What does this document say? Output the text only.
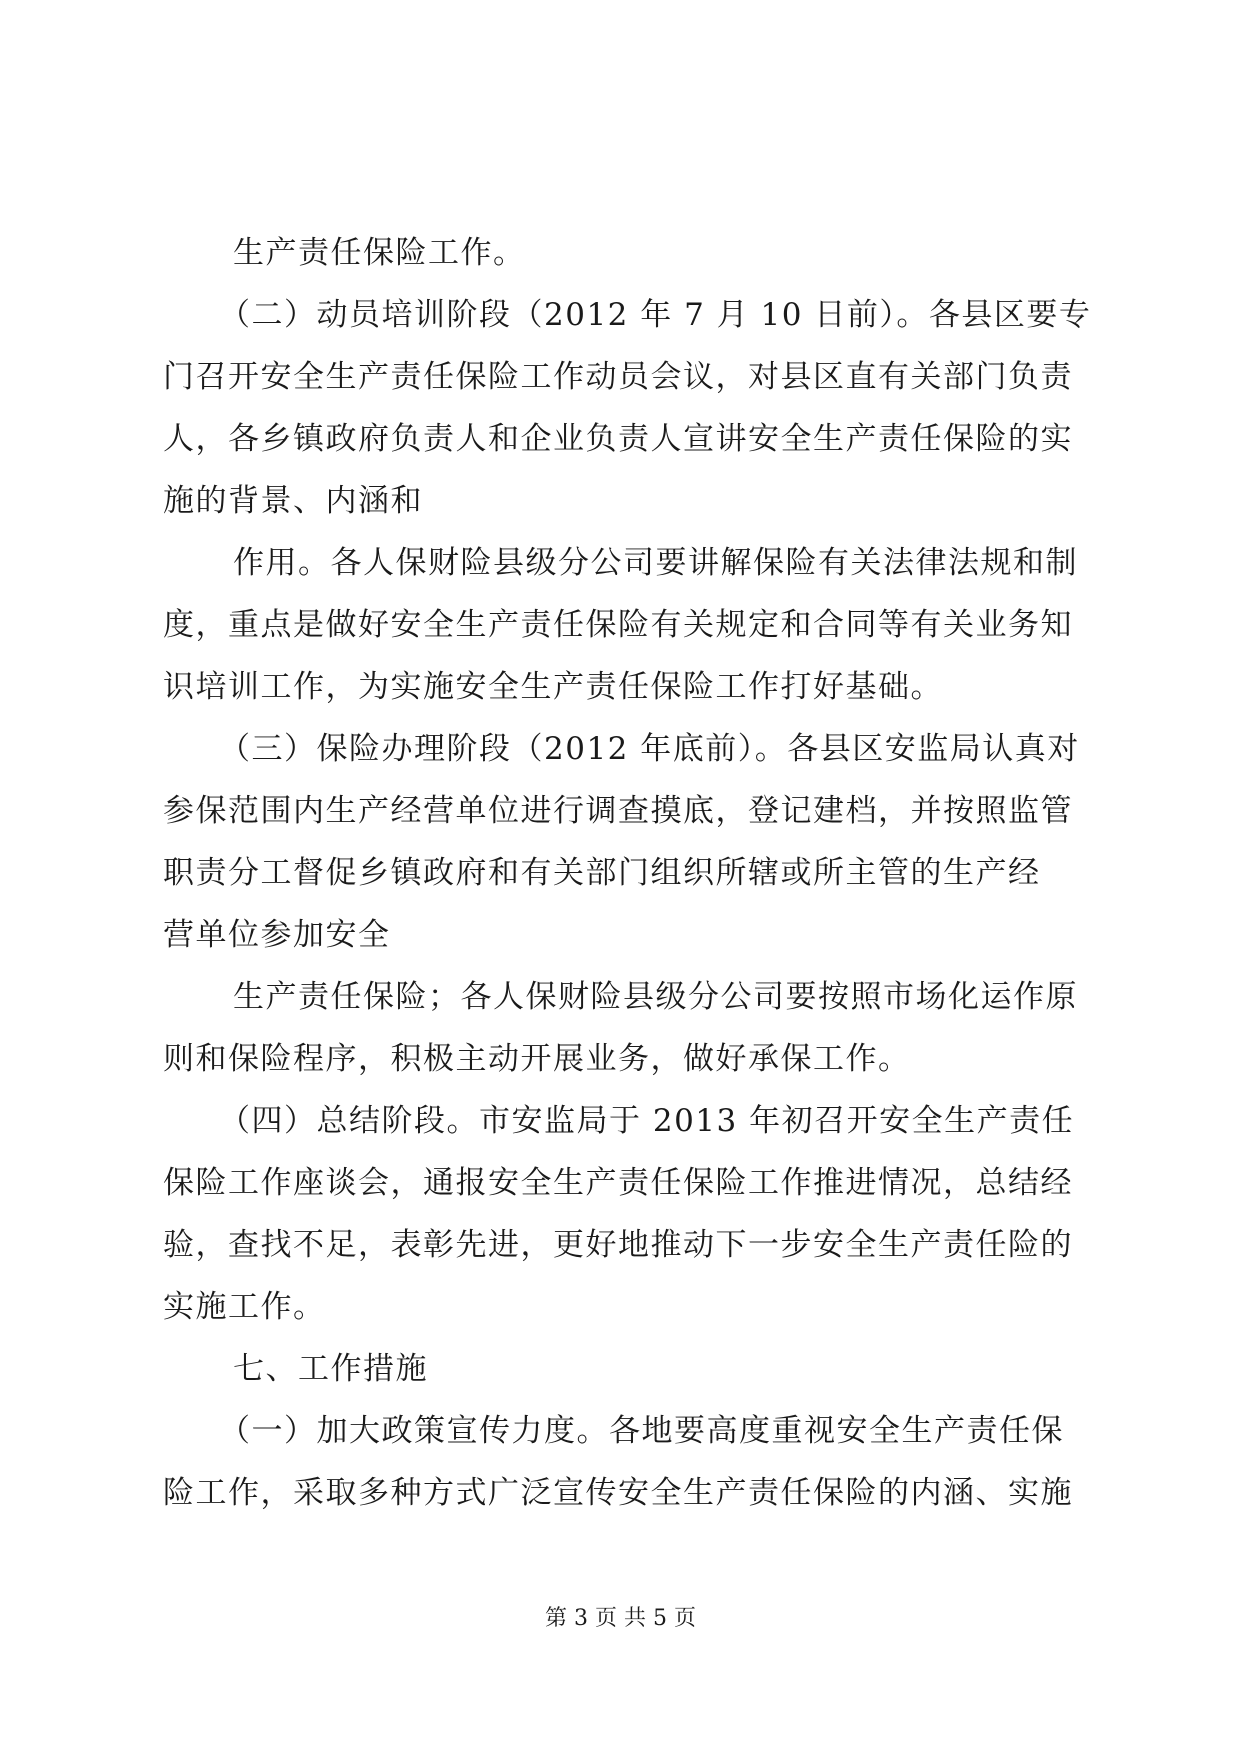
生产责任保险工作。
（二）动员培训阶段（2012 年 7 月 10 日前）。各县区要专
门召开安全生产责任保险工作动员会议，对县区直有关部门负责
人，各乡镇政府负责人和企业负责人宣讲安全生产责任保险的实
施的背景、内涵和
作用。各人保财险县级分公司要讲解保险有关法律法规和制
度，重点是做好安全生产责任保险有关规定和合同等有关业务知
识培训工作，为实施安全生产责任保险工作打好基础。
（三）保险办理阶段（2012 年底前）。各县区安监局认真对
参保范围内生产经营单位进行调查摸底，登记建档，并按照监管
职责分工督促乡镇政府和有关部门组织所辖或所主管的生产经
营单位参加安全
生产责任保险；各人保财险县级分公司要按照市场化运作原
则和保险程序，积极主动开展业务，做好承保工作。
（四）总结阶段。市安监局于 2013 年初召开安全生产责任
保险工作座谈会，通报安全生产责任保险工作推进情况，总结经
验，查找不足，表彰先进，更好地推动下一步安全生产责任险的
实施工作。
七、工作措施
（一）加大政策宣传力度。各地要高度重视安全生产责任保
险工作，采取多种方式广泛宣传安全生产责任保险的内涵、实施
第 3 页 共 5 页
